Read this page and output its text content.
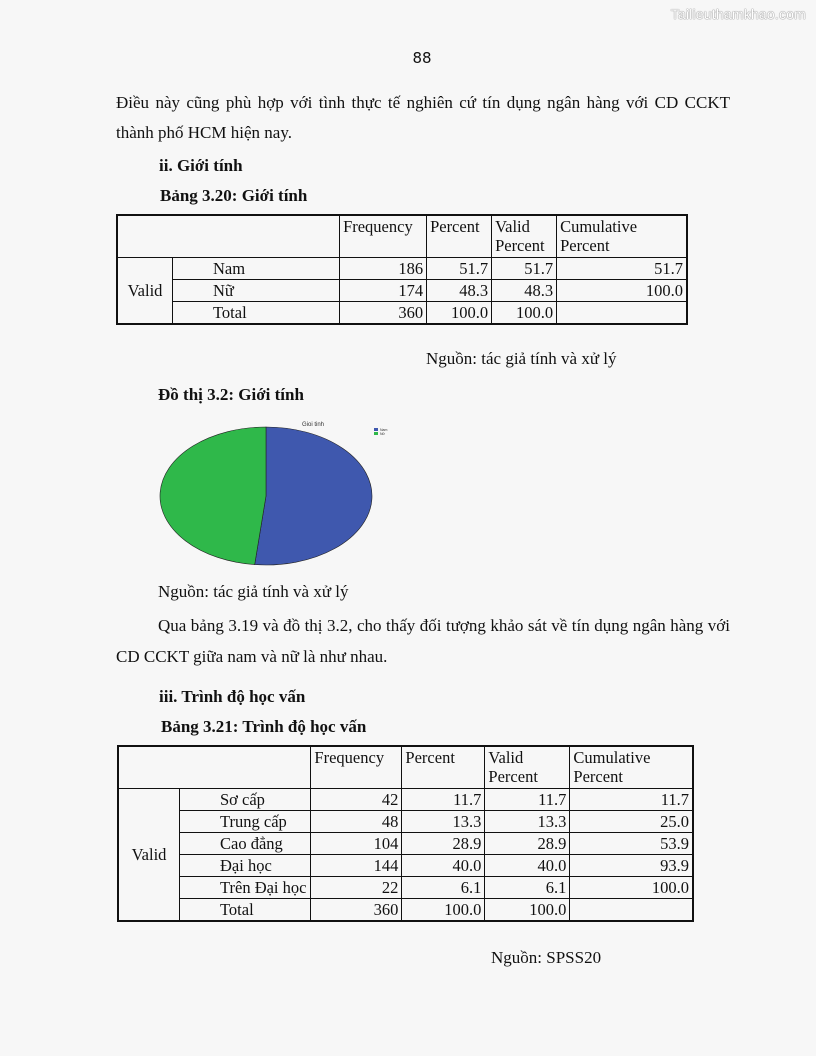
Tailieuthamkhao.com
88
Điều này cũng phù hợp với tình thực tế nghiên cứ tín dụng ngân hàng với CD CCKT
thành phố HCM hiện nay.
ii. Giới tính
Bảng 3.20: Giới tính
		Frequency	Percent	Valid Percent	Cumulative Percent
Valid	Nam	186	51.7	51.7	51.7
	Nữ	174	48.3	48.3	100.0
	Total	360	100.0	100.0	
Nguồn: tác giả tính và xử lý
Đồ thị 3.2: Giới tính
Gioi tinh
Nam
Nữ
Nguồn: tác giả tính và xử lý
Qua bảng 3.19 và đồ thị 3.2, cho thấy đối tượng khảo sát về tín dụng ngân hàng với
CD CCKT giữa nam và nữ là như nhau.
iii. Trình độ học vấn
Bảng 3.21: Trình độ học vấn
		Frequency	Percent	Valid Percent	Cumulative Percent
Valid	Sơ cấp	42	11.7	11.7	11.7
	Trung cấp	48	13.3	13.3	25.0
	Cao đẳng	104	28.9	28.9	53.9
	Đại học	144	40.0	40.0	93.9
	Trên Đại học	22	6.1	6.1	100.0
	Total	360	100.0	100.0	
Nguồn: SPSS20
